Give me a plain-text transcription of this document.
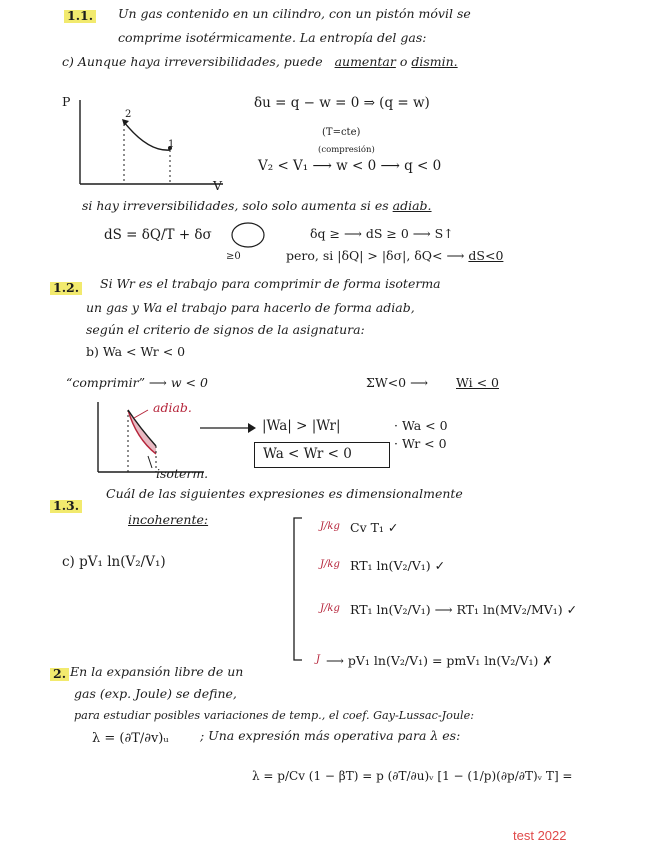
1.1. Un gas contenido en un cilindro, con un pistón móvil se
comprime isotérmicamente. La entropía del gas:
c) Aunque haya irreversibilidades, puede aumentar o dismin.
P
V
2
1
δu = q − w = 0 ⇒ (q = w)
(T=cte)
(compresión)
V₂ < V₁ ⟶ w < 0 ⟶ q < 0
si hay irreversibilidades, solo solo aumenta si es adiab.
dS = δQ/T + δσ
≥0
δq ≥ ⟶ dS ≥ 0 ⟶ S↑
pero, si |δQ| > |δσ|, δQ< ⟶ dS<0
1.2. Si Wr es el trabajo para comprimir de forma isoterma
un gas y Wa el trabajo para hacerlo de forma adiab,
según el criterio de signos de la asignatura:
b) Wa < Wr < 0
“comprimir” ⟶ w < 0	ΣW<0 ⟶ Wi < 0
adiab.
isoterm.
|Wa| > |Wr|
Wa < Wr < 0
· Wa < 0
· Wr < 0
1.3.
Cuál de las siguientes expresiones es dimensionalmente
incoherente:
c) pV₁ ln(V₂/V₁)
J/kg Cv T₁ ✓
J/kg RT₁ ln(V₂/V₁) ✓
J/kg RT₁ ln(V₂/V₁) ⟶ RT₁ ln(MV₂/MV₁) ✓
J ⟶ pV₁ ln(V₂/V₁) = pmV₁ ln(V₂/V₁) ✗
2. En la expansión libre de un
gas (exp. Joule) se define,
para estudiar posibles variaciones de temp., el coef. Gay-Lussac-Joule:
λ = (∂T/∂v)ᵤ	; Una expresión más operativa para λ es:
λ = p/Cv (1 − βT) = p (∂T/∂u)ᵥ [1 − (1/p)(∂p/∂T)ᵥ T] =
test 2022
